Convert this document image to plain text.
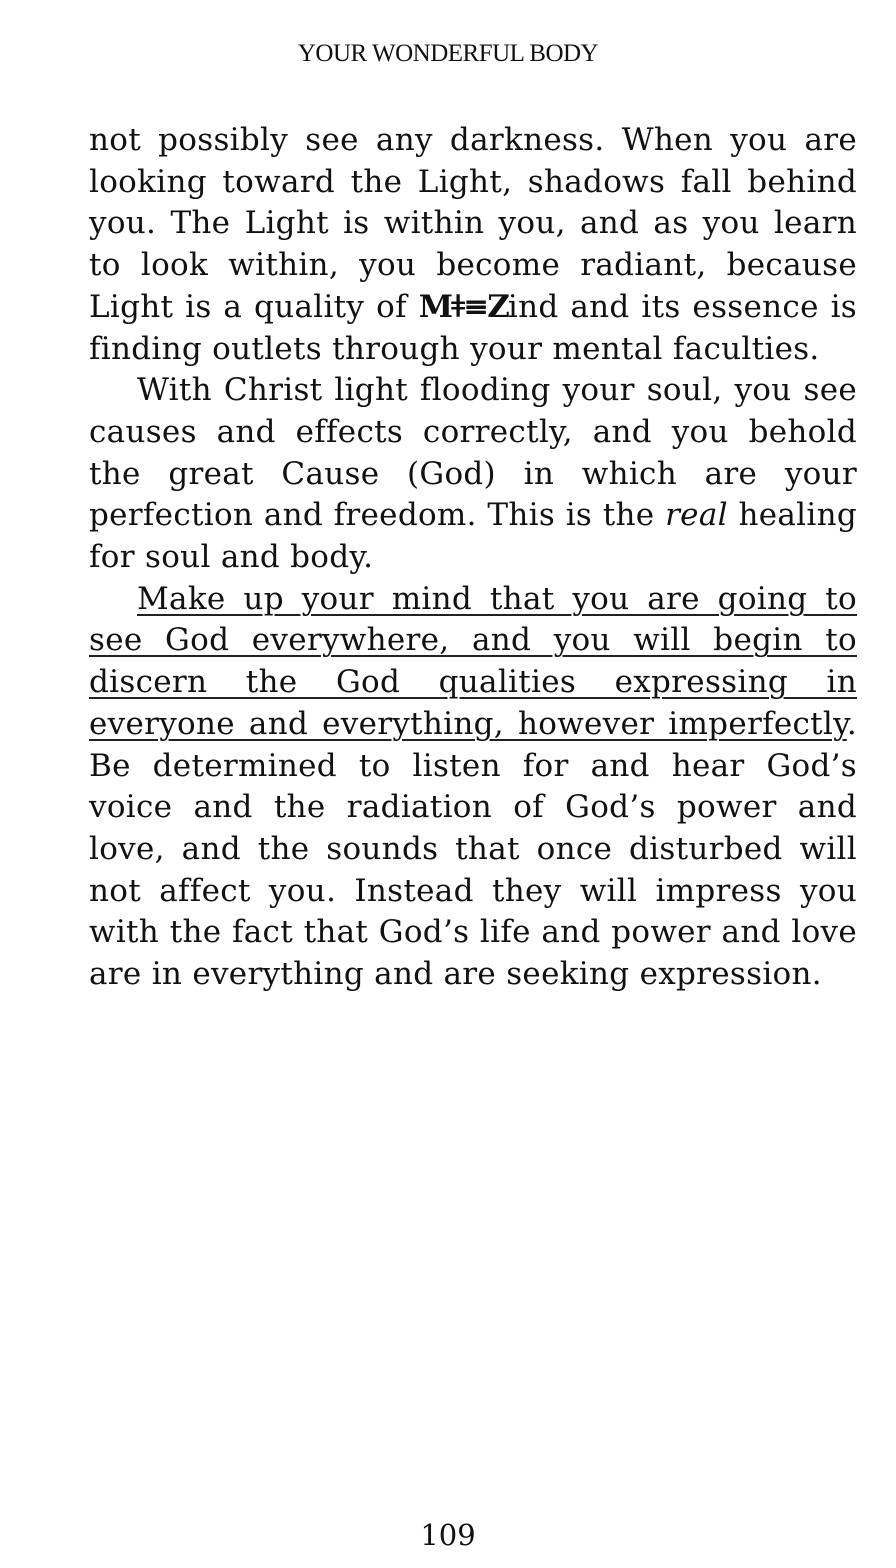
YOUR WONDERFUL BODY

not possibly see any darkness. When you are looking toward the Light, shadows fall behind you. The Light is within you, and as you learn to look within, you become radiant, because Light is a quality of Mǂ≡Zind and its essence is finding outlets through your mental faculties.

With Christ light flooding your soul, you see causes and effects correctly, and you behold the great Cause (God) in which are your perfection and freedom. This is the real healing for soul and body.

Make up your mind that you are going to see God everywhere, and you will begin to discern the God qualities expressing in everyone and everything, however imperfectly. Be determined to listen for and hear God’s voice and the radiation of God’s power and love, and the sounds that once disturbed will not affect you. Instead they will impress you with the fact that God’s life and power and love are in everything and are seeking expression.

109
